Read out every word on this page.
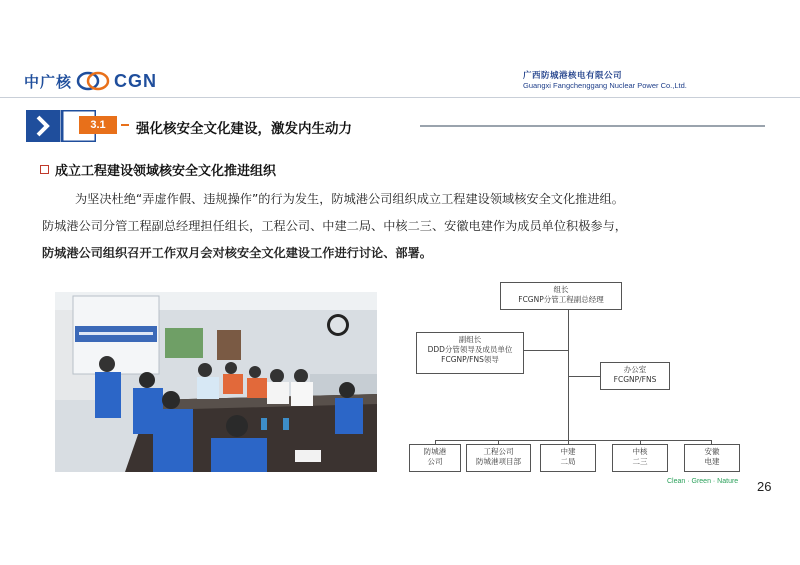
中广核 CGN	广西防城港核电有限公司
Guangxi Fangchenggang Nuclear Power Co.,Ltd.
3.1	强化核安全文化建设，激发内生动力
成立工程建设领域核安全文化推进组织

为坚决杜绝“弄虚作假、违规操作”的行为发生，防城港公司组织成立工程建设领域核安全文化推进组。

防城港公司分管工程副总经理担任组长，工程公司、中建二局、中核二三、安徽电建作为成员单位积极参与，

防城港公司组织召开工作双月会对核安全文化建设工作进行讨论、部署。

组长
FCGNP分管工程副总经理
副组长
DDD分管领导及成员单位
FCGNP/FNS领导
办公室
FCGNP/FNS
防城港
公司
工程公司
防城港项目部
中建
二局
中核
二三
安徽
电建
Clean · Green · Nature 26
